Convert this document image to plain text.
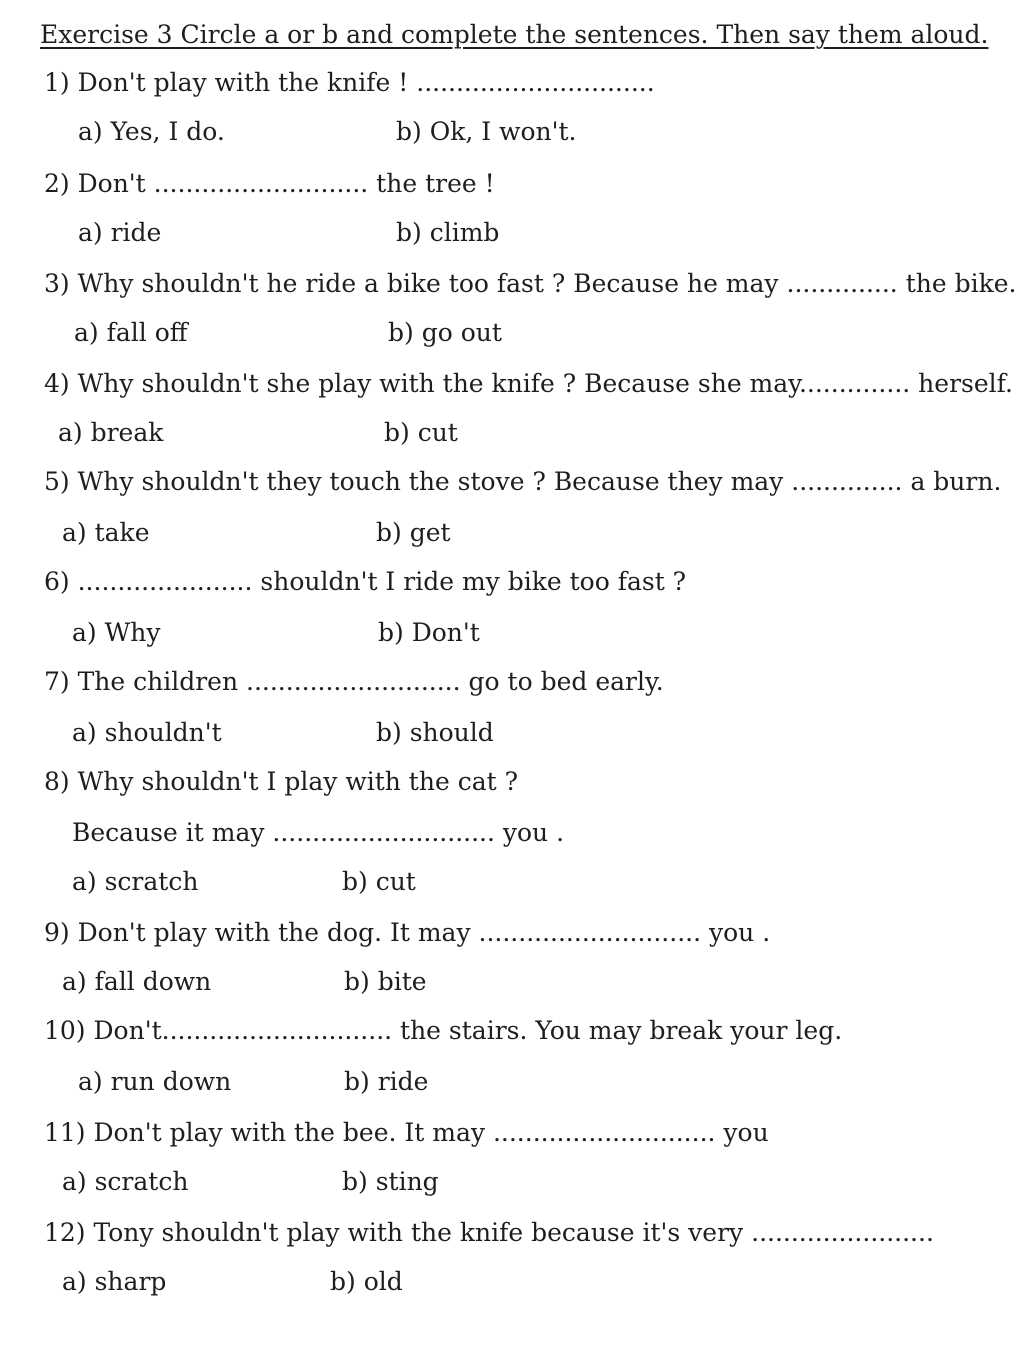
Exercise 3 Circle a or b and complete the sentences. Then say them aloud.
1) Don't play with the knife ! ..............................
a) Yes, I do.	b) Ok, I won't.
2) Don't ........................... the tree !
a) ride	b) climb
3) Why shouldn't he ride a bike too fast ? Because he may .............. the bike.
a) fall off	b) go out
4) Why shouldn't she play with the knife ? Because she may.............. herself.
a) break	b) cut
5) Why shouldn't they touch the stove ? Because they may .............. a burn.
a) take	b) get
6) ...................... shouldn't I ride my bike too fast ?
a) Why	b) Don't
7) The children ........................... go to bed early.
a) shouldn't	b) should
8) Why shouldn't I play with the cat ?
Because it may ............................ you .
a) scratch	b) cut
9) Don't play with the dog. It may ............................ you .
a) fall down	b) bite
10) Don't............................. the stairs. You may break your leg.
a) run down	b) ride
11) Don't play with the bee. It may ............................ you
a) scratch	b) sting
12) Tony shouldn't play with the knife because it's very .......................
a) sharp	b) old
